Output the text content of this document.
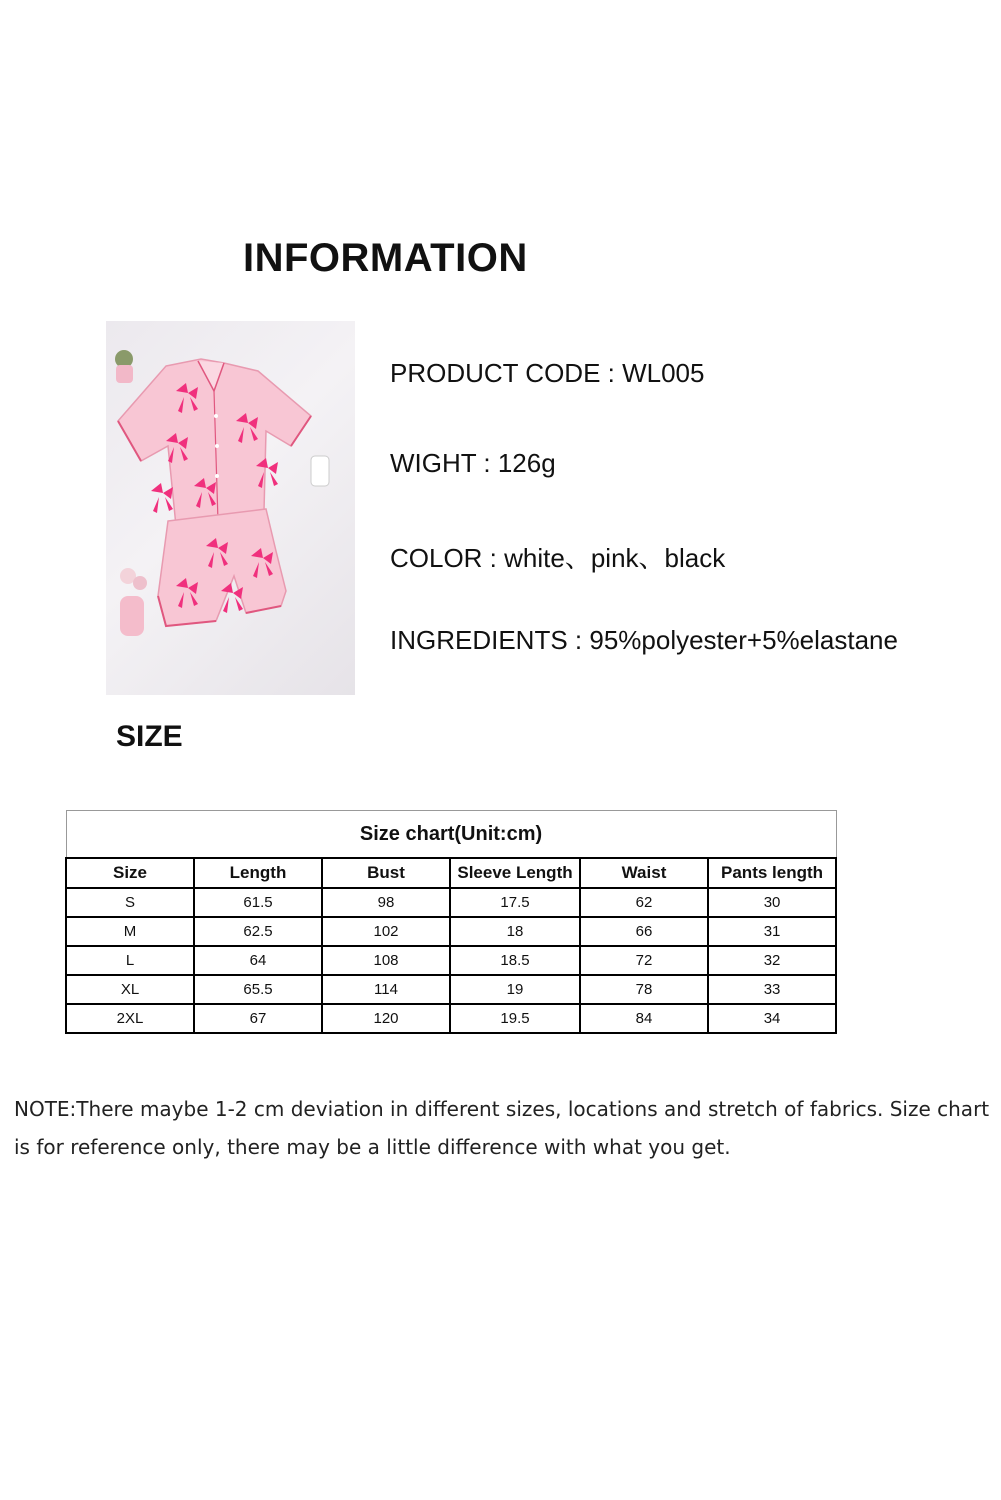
INFORMATION
PRODUCT CODE : WL005
WIGHT : 126g
COLOR : white、pink、black
INGREDIENTS : 95%polyester+5%elastane
SIZE
Size chart(Unit:cm)					
Size	Length	Bust	Sleeve Length	Waist	Pants length
S	61.5	98	17.5	62	30
M	62.5	102	18	66	31
L	64	108	18.5	72	32
XL	65.5	114	19	78	33
2XL	67	120	19.5	84	34
NOTE:There maybe 1-2 cm deviation in different sizes, locations and stretch of fabrics. Size chart is for reference only, there may be a little difference with what you get.
